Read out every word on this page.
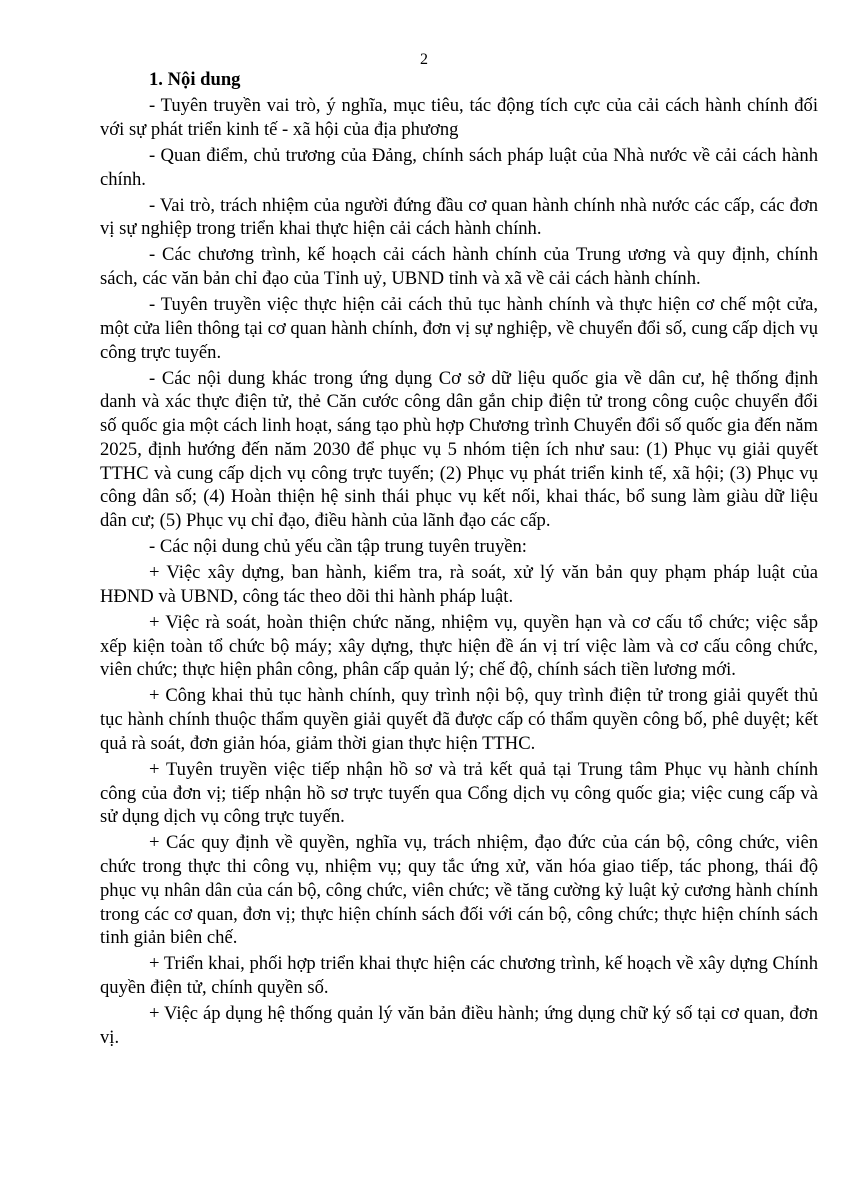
2

1. Nội dung

- Tuyên truyền vai trò, ý nghĩa, mục tiêu, tác động tích cực của cải cách hành chính đối với sự phát triển kinh tế - xã hội của địa phương

- Quan điểm, chủ trương của Đảng, chính sách pháp luật của Nhà nước về cải cách hành chính.

- Vai trò, trách nhiệm của người đứng đầu cơ quan hành chính nhà nước các cấp, các đơn vị sự nghiệp trong triển khai thực hiện cải cách hành chính.

- Các chương trình, kế hoạch cải cách hành chính của Trung ương và quy định, chính sách, các văn bản chỉ đạo của Tỉnh uỷ, UBND tỉnh và xã về cải cách hành chính.

- Tuyên truyền việc thực hiện cải cách thủ tục hành chính và thực hiện cơ chế một cửa, một cửa liên thông tại cơ quan hành chính, đơn vị sự nghiệp, về chuyển đổi số, cung cấp dịch vụ công trực tuyến.

- Các nội dung khác trong ứng dụng Cơ sở dữ liệu quốc gia về dân cư, hệ thống định danh và xác thực điện tử, thẻ Căn cước công dân gắn chip điện tử trong công cuộc chuyển đổi số quốc gia một cách linh hoạt, sáng tạo phù hợp Chương trình Chuyển đổi số quốc gia đến năm 2025, định hướng đến năm 2030 để phục vụ 5 nhóm tiện ích như sau: (1) Phục vụ giải quyết TTHC và cung cấp dịch vụ công trực tuyến; (2) Phục vụ phát triển kinh tế, xã hội; (3) Phục vụ công dân số; (4) Hoàn thiện hệ sinh thái phục vụ kết nối, khai thác, bổ sung làm giàu dữ liệu dân cư; (5) Phục vụ chỉ đạo, điều hành của lãnh đạo các cấp.

- Các nội dung chủ yếu cần tập trung tuyên truyền:

+ Việc xây dựng, ban hành, kiểm tra, rà soát, xử lý văn bản quy phạm pháp luật của HĐND và UBND, công tác theo dõi thi hành pháp luật.

+ Việc rà soát, hoàn thiện chức năng, nhiệm vụ, quyền hạn và cơ cấu tổ chức; việc sắp xếp kiện toàn tổ chức bộ máy; xây dựng, thực hiện đề án vị trí việc làm và cơ cấu công chức, viên chức; thực hiện phân công, phân cấp quản lý; chế độ, chính sách tiền lương mới.

+ Công khai thủ tục hành chính, quy trình nội bộ, quy trình điện tử trong giải quyết thủ tục hành chính thuộc thẩm quyền giải quyết đã được cấp có thẩm quyền công bố, phê duyệt; kết quả rà soát, đơn giản hóa, giảm thời gian thực hiện TTHC.

+ Tuyên truyền việc tiếp nhận hồ sơ và trả kết quả tại Trung tâm Phục vụ hành chính công của đơn vị; tiếp nhận hồ sơ trực tuyến qua Cổng dịch vụ công quốc gia; việc cung cấp và sử dụng dịch vụ công trực tuyến.

+ Các quy định về quyền, nghĩa vụ, trách nhiệm, đạo đức của cán bộ, công chức, viên chức trong thực thi công vụ, nhiệm vụ; quy tắc ứng xử, văn hóa giao tiếp, tác phong, thái độ phục vụ nhân dân của cán bộ, công chức, viên chức; về tăng cường kỷ luật kỷ cương hành chính trong các cơ quan, đơn vị; thực hiện chính sách đối với cán bộ, công chức; thực hiện chính sách tinh giản biên chế.

+ Triển khai, phối hợp triển khai thực hiện các chương trình, kế hoạch về xây dựng Chính quyền điện tử, chính quyền số.

+ Việc áp dụng hệ thống quản lý văn bản điều hành; ứng dụng chữ ký số tại cơ quan, đơn vị.
